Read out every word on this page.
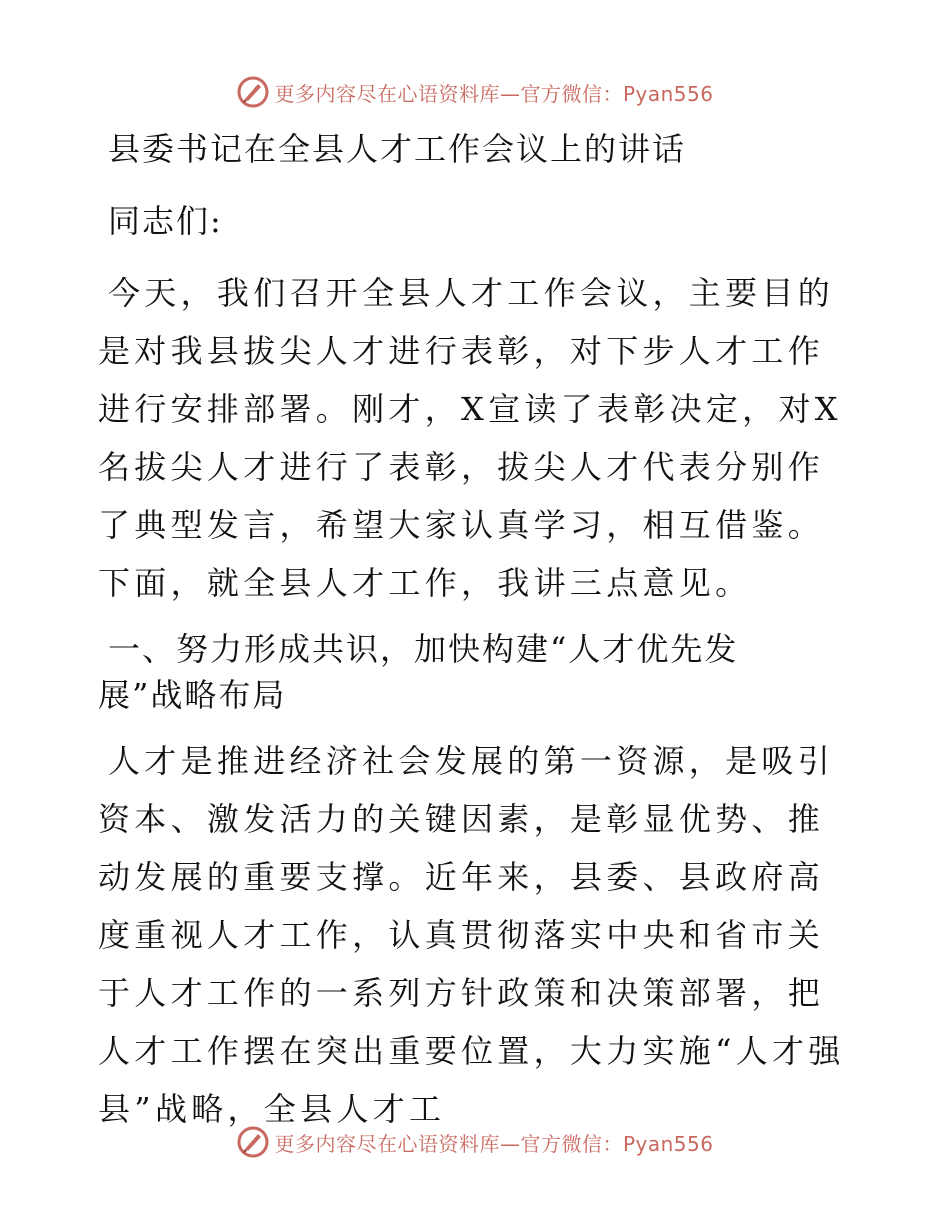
更多内容尽在心语资料库—官方微信：Pyan556

县委书记在全县人才工作会议上的讲话

同志们:

今天，我们召开全县人才工作会议，主要目的是对我县拔尖人才进行表彰，对下步人才工作进行安排部署。刚才，X宣读了表彰决定，对X名拔尖人才进行了表彰，拔尖人才代表分别作了典型发言，希望大家认真学习，相互借鉴。下面，就全县人才工作，我讲三点意见。

一、努力形成共识，加快构建“人才优先发展”战略布局

人才是推进经济社会发展的第一资源，是吸引资本、激发活力的关键因素，是彰显优势、推动发展的重要支撑。近年来，县委、县政府高度重视人才工作，认真贯彻落实中央和省市关于人才工作的一系列方针政策和决策部署，把人才工作摆在突出重要位置，大力实施“人才强县”战略，全县人才工

更多内容尽在心语资料库—官方微信：Pyan556
